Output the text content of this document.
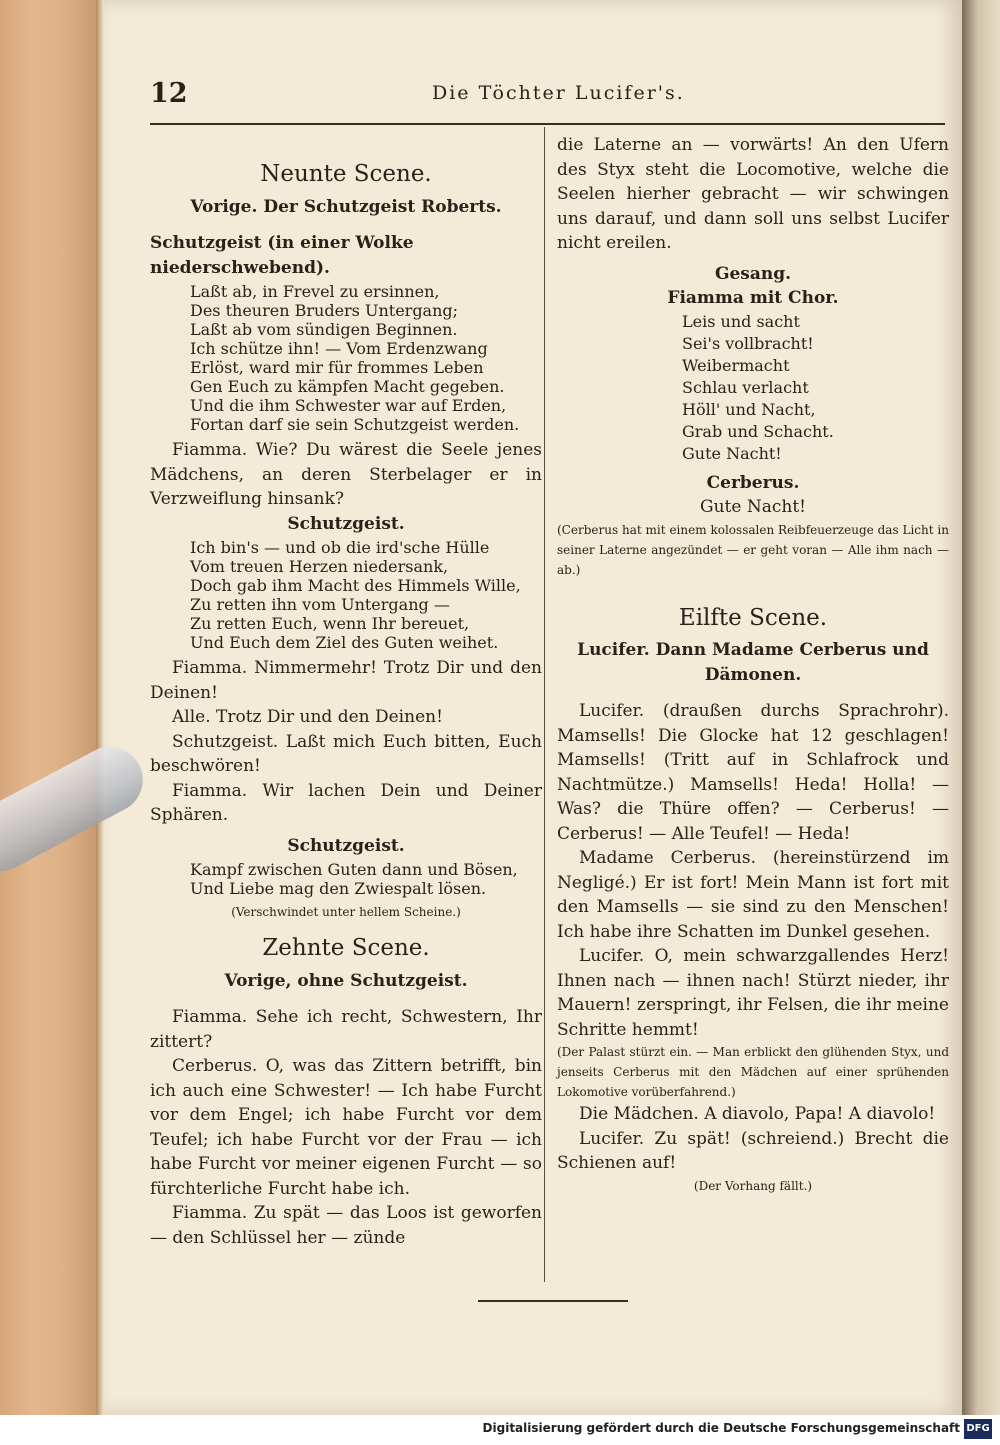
12	Die Töchter Lucifer's.

Neunte Scene.

Vorige. Der Schutzgeist Roberts.

Schutzgeist (in einer Wolke niederschwebend).

Laßt ab, in Frevel zu ersinnen,
Des theuren Bruders Untergang;
Laßt ab vom sündigen Beginnen.
Ich schütze ihn! — Vom Erdenzwang
Erlöst, ward mir für frommes Leben
Gen Euch zu kämpfen Macht gegeben.
Und die ihm Schwester war auf Erden,
Fortan darf sie sein Schutzgeist werden.

Fiamma. Wie? Du wärest die Seele jenes Mädchens, an deren Sterbelager er in Verzweiflung hinsank?

Schutzgeist.

Ich bin's — und ob die ird'sche Hülle
Vom treuen Herzen niedersank,
Doch gab ihm Macht des Himmels Wille,
Zu retten ihn vom Untergang —
Zu retten Euch, wenn Ihr bereuet,
Und Euch dem Ziel des Guten weihet.

Fiamma. Nimmermehr! Trotz Dir und den Deinen!

Alle. Trotz Dir und den Deinen!

Schutzgeist. Laßt mich Euch bitten, Euch beschwören!

Fiamma. Wir lachen Dein und Deiner Sphären.

Schutzgeist.

Kampf zwischen Guten dann und Bösen,
Und Liebe mag den Zwiespalt lösen.

(Verschwindet unter hellem Scheine.)

Zehnte Scene.

Vorige, ohne Schutzgeist.

Fiamma. Sehe ich recht, Schwestern, Ihr zittert?

Cerberus. O, was das Zittern betrifft, bin ich auch eine Schwester! — Ich habe Furcht vor dem Engel; ich habe Furcht vor dem Teufel; ich habe Furcht vor der Frau — ich habe Furcht vor meiner eigenen Furcht — so fürchterliche Furcht habe ich.

Fiamma. Zu spät — das Loos ist geworfen — den Schlüssel her — zünde

die Laterne an — vorwärts! An den Ufern des Styx steht die Locomotive, welche die Seelen hierher gebracht — wir schwingen uns darauf, und dann soll uns selbst Lucifer nicht ereilen.

Gesang.

Fiamma mit Chor.

Leis und sacht
Sei's vollbracht!
Weibermacht
Schlau verlacht
Höll' und Nacht,
Grab und Schacht.
Gute Nacht!

Cerberus.

Gute Nacht!

(Cerberus hat mit einem kolossalen Reibfeuerzeuge das Licht in seiner Laterne angezündet — er geht voran — Alle ihm nach — ab.)

Eilfte Scene.

Lucifer. Dann Madame Cerberus und Dämonen.

Lucifer. (draußen durchs Sprachrohr). Mamsells! Die Glocke hat 12 geschlagen! Mamsells! (Tritt auf in Schlafrock und Nachtmütze.) Mamsells! Heda! Holla! — Was? die Thüre offen? — Cerberus! — Cerberus! — Alle Teufel! — Heda!

Madame Cerberus. (hereinstürzend im Negligé.) Er ist fort! Mein Mann ist fort mit den Mamsells — sie sind zu den Menschen! Ich habe ihre Schatten im Dunkel gesehen.

Lucifer. O, mein schwarzgallendes Herz! Ihnen nach — ihnen nach! Stürzt nieder, ihr Mauern! zerspringt, ihr Felsen, die ihr meine Schritte hemmt!

(Der Palast stürzt ein. — Man erblickt den glühenden Styx, und jenseits Cerberus mit den Mädchen auf einer sprühenden Lokomotive vorüberfahrend.)

Die Mädchen. A diavolo, Papa! A diavolo!

Lucifer. Zu spät! (schreiend.) Brecht die Schienen auf!

(Der Vorhang fällt.)

Digitalisierung gefördert durch die Deutsche Forschungsgemeinschaft DFG
